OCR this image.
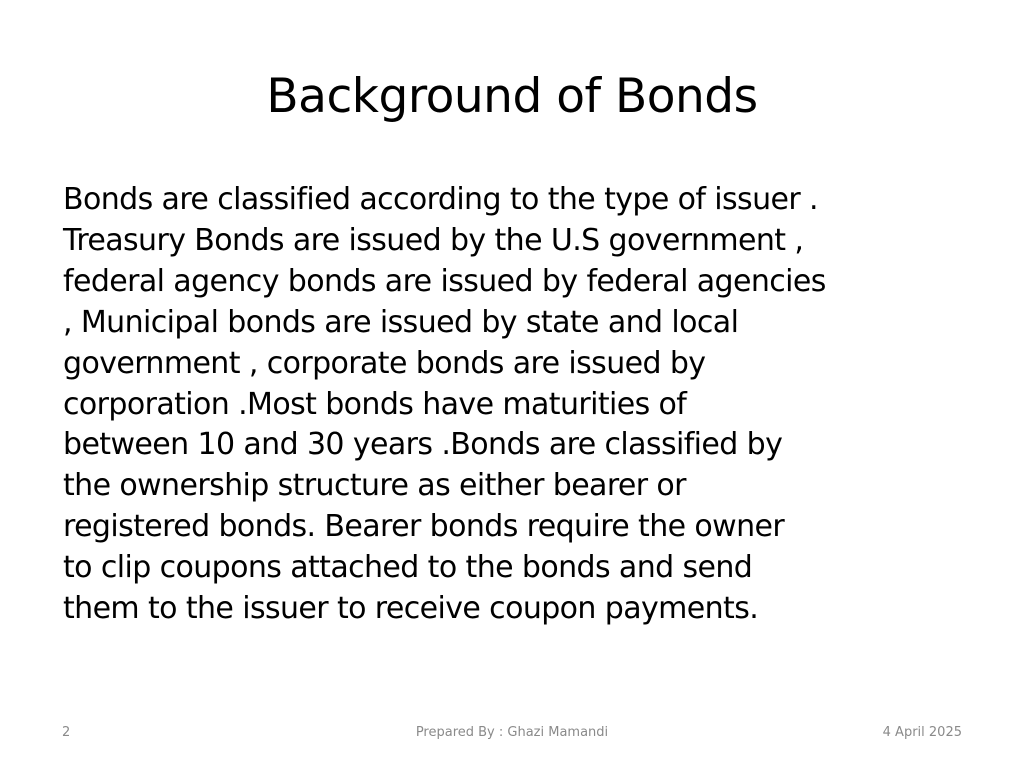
Background of Bonds
Bonds are classified according to the type of issuer .
Treasury Bonds are issued by the U.S government ,
federal agency bonds are issued by federal agencies
, Municipal bonds are issued by state and local
government , corporate bonds are issued by
corporation .Most bonds have maturities of
between 10 and 30 years .Bonds are classified by
the ownership structure as either bearer or
registered bonds. Bearer bonds require the owner
to clip coupons attached to the bonds and send
them to the issuer to receive coupon payments.
2	Prepared By : Ghazi Mamandi	4 April 2025
